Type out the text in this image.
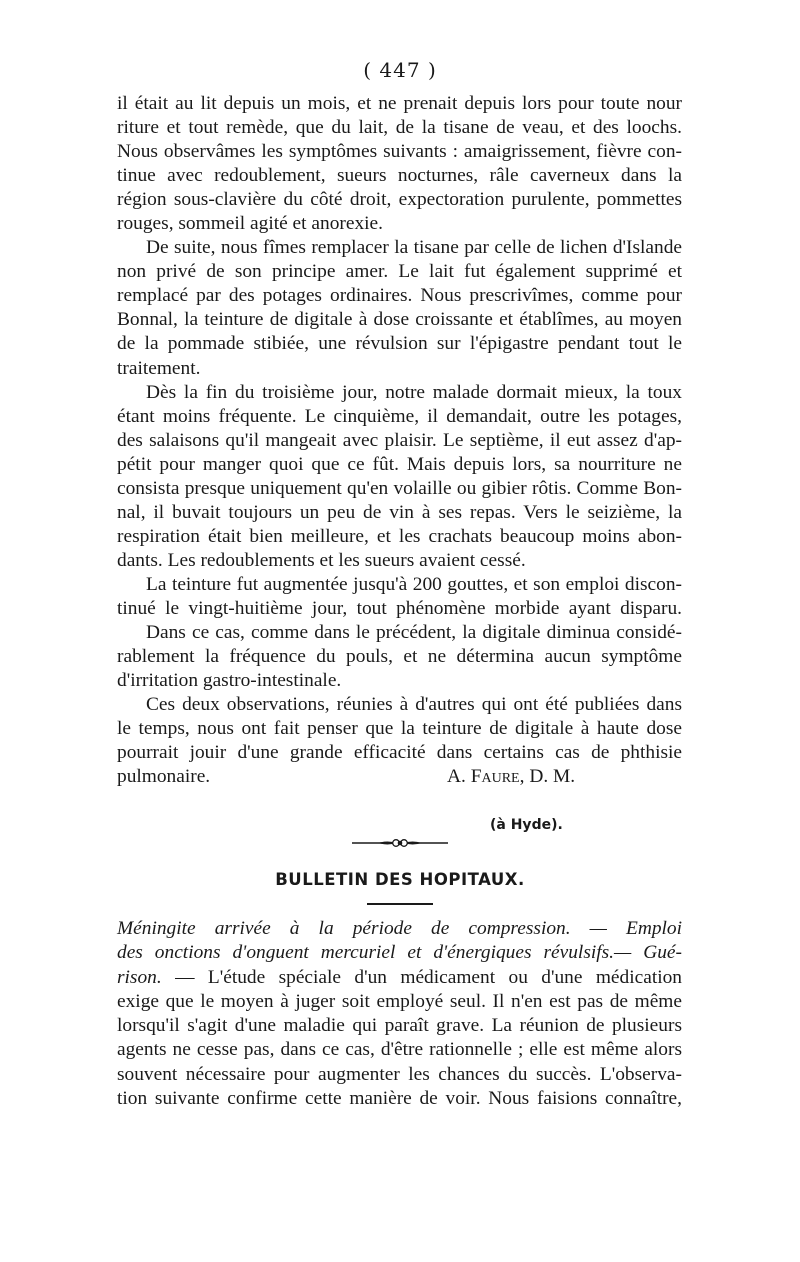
( 447 )
il était au lit depuis un mois, et ne prenait depuis lors pour toute nour
riture et tout remède, que du lait, de la tisane de veau, et des loochs.
Nous observâmes les symptômes suivants : amaigrissement, fièvre con-
tinue avec redoublement, sueurs nocturnes, râle caverneux dans la
région sous-clavière du côté droit, expectoration purulente, pommettes
rouges, sommeil agité et anorexie.
De suite, nous fîmes remplacer la tisane par celle de lichen d'Islande
non privé de son principe amer. Le lait fut également supprimé et
remplacé par des potages ordinaires. Nous prescrivîmes, comme pour
Bonnal, la teinture de digitale à dose croissante et établîmes, au moyen
de la pommade stibiée, une révulsion sur l'épigastre pendant tout le
traitement.
Dès la fin du troisième jour, notre malade dormait mieux, la toux
étant moins fréquente. Le cinquième, il demandait, outre les potages,
des salaisons qu'il mangeait avec plaisir. Le septième, il eut assez d'ap-
pétit pour manger quoi que ce fût. Mais depuis lors, sa nourriture ne
consista presque uniquement qu'en volaille ou gibier rôtis. Comme Bon-
nal, il buvait toujours un peu de vin à ses repas. Vers le seizième, la
respiration était bien meilleure, et les crachats beaucoup moins abon-
dants. Les redoublements et les sueurs avaient cessé.
La teinture fut augmentée jusqu'à 200 gouttes, et son emploi discon-
tinué le vingt-huitième jour, tout phénomène morbide ayant disparu.
Dans ce cas, comme dans le précédent, la digitale diminua considé-
rablement la fréquence du pouls, et ne détermina aucun symptôme
d'irritation gastro-intestinale.
Ces deux observations, réunies à d'autres qui ont été publiées dans
le temps, nous ont fait penser que la teinture de digitale à haute dose
pourrait jouir d'une grande efficacité dans certains cas de phthisie
pulmonaire.	A. Faure, D. M.
(à Hyde).
BULLETIN DES HOPITAUX.
Méningite arrivée à la période de compression. — Emploi
des onctions d'onguent mercuriel et d'énergiques révulsifs.— Gué-
rison. — L'étude spéciale d'un médicament ou d'une médication
exige que le moyen à juger soit employé seul. Il n'en est pas de même
lorsqu'il s'agit d'une maladie qui paraît grave. La réunion de plusieurs
agents ne cesse pas, dans ce cas, d'être rationnelle ; elle est même alors
souvent nécessaire pour augmenter les chances du succès. L'observa-
tion suivante confirme cette manière de voir. Nous faisions connaître,
